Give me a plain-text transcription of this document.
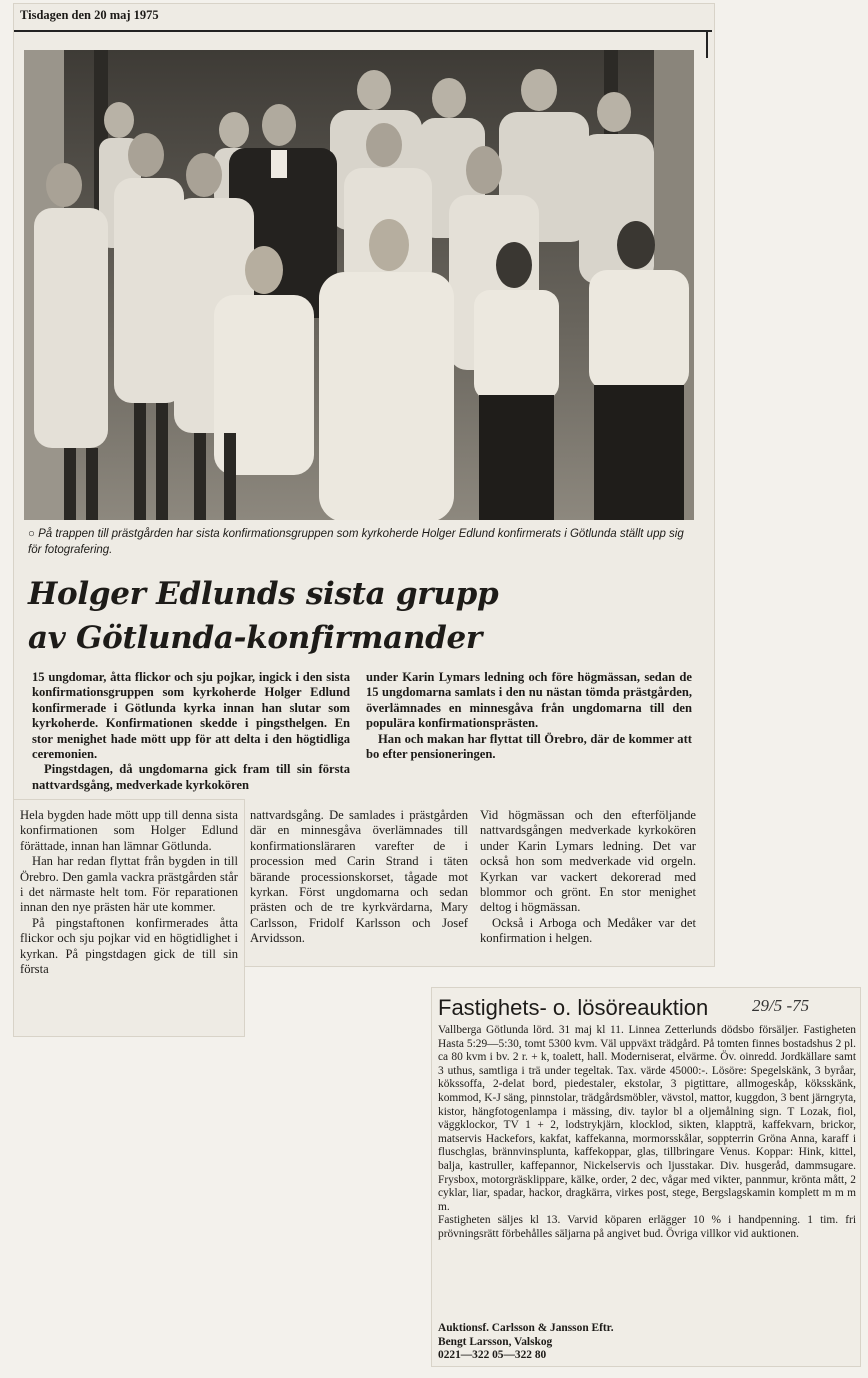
Tisdagen den 20 maj 1975
○ På trappen till prästgården har sista konfirmationsgruppen som kyrkoherde Holger Edlund konfirmerats i Götlunda ställt upp sig för fotografering.
Holger Edlunds sista grupp
av Götlunda-konfirmander

15 ungdomar, åtta flickor och sju pojkar, ingick i den sista konfirmationsgruppen som kyrkoherde Holger Edlund konfirmerade i Götlunda kyrka innan han slutar som kyrkoherde. Konfirmationen skedde i pingsthelgen. En stor menighet hade mött upp för att delta i den högtidliga ceremonien.

Pingstdagen, då ungdomarna gick fram till sin första nattvardsgång, medverkade kyrkokören

under Karin Lymars ledning och före högmässan, sedan de 15 ungdomarna samlats i den nu nästan tömda prästgården, överlämnades en minnesgåva från ungdomarna till den populära konfirmationsprästen.

Han och makan har flyttat till Örebro, där de kommer att bo efter pensioneringen.

Hela bygden hade mött upp till denna sista konfirmationen som Holger Edlund förättade, innan han lämnar Götlunda.

Han har redan flyttat från bygden in till Örebro. Den gamla vackra prästgården står i det närmaste helt tom. För reparationen innan den nye prästen här ute kommer.

På pingstaftonen konfirmerades åtta flickor och sju pojkar vid en högtidlighet i kyrkan. På pingstdagen gick de till sin första

nattvardsgång. De samlades i prästgården där en minnesgåva överlämnades till konfirmationsläraren varefter de i procession med Carin Strand i täten bärande processionskorset, tågade mot kyrkan. Först ungdomarna och sedan prästen och de tre kyrkvärdarna, Mary Carlsson, Fridolf Karlsson och Josef Arvidsson.

Vid högmässan och den efterföljande nattvardsgången medverkade kyrkokören under Karin Lymars ledning. Det var också hon som medverkade vid orgeln. Kyrkan var vackert dekorerad med blommor och grönt. En stor menighet deltog i högmässan.

Också i Arboga och Medåker var det konfirmation i helgen.

Fastighets- o. lösöreauktion	29/5 -75

Vallberga Götlunda lörd. 31 maj kl 11. Linnea Zetterlunds dödsbo försäljer. Fastigheten Hasta 5:29—5:30, tomt 5300 kvm. Väl uppväxt trädgård. På tomten finnes bostadshus 2 pl. ca 80 kvm i bv. 2 r. + k, toalett, hall. Moderniserat, elvärme. Öv. oinredd. Jordkällare samt 3 uthus, samtliga i trä under tegeltak. Tax. värde 45000:-. Lösöre: Spegelskänk, 3 byråar, kökssoffa, 2-delat bord, piedestaler, ekstolar, 3 pigtittare, allmogeskåp, köksskänk, kommod, K-J säng, pinnstolar, trädgårdsmöbler, vävstol, mattor, kuggdon, 3 bent järngryta, kistor, hängfotogenlampa i mässing, div. taylor bl a oljemålning sign. T Lozak, fiol, väggklockor, TV 1 + 2, lodstrykjärn, klocklod, sikten, klappträ, kaffekvarn, brickor, matservis Hackefors, kakfat, kaffekanna, mormorsskålar, soppterrin Gröna Anna, karaff i fluschglas, brännvinsplunta, kaffekoppar, glas, tillbringare Venus. Koppar: Hink, kittel, balja, kastruller, kaffepannor, Nickelservis och ljusstakar. Div. husgeråd, dammsugare. Frysbox, motorgräsklippare, kälke, order, 2 dec, vågar med vikter, pannmur, krönta mått, 2 cyklar, liar, spadar, hackor, dragkärra, virkes post, stege, Bergslagskamin komplett m m m m.

Fastigheten säljes kl 13. Varvid köparen erlägger 10 % i handpenning. 1 tim. fri prövningsrätt förbehålles säljarna på angivet bud. Övriga villkor vid auktionen.

Auktionsf. Carlsson & Jansson Eftr.
Bengt Larsson, Valskog
0221—322 05—322 80
